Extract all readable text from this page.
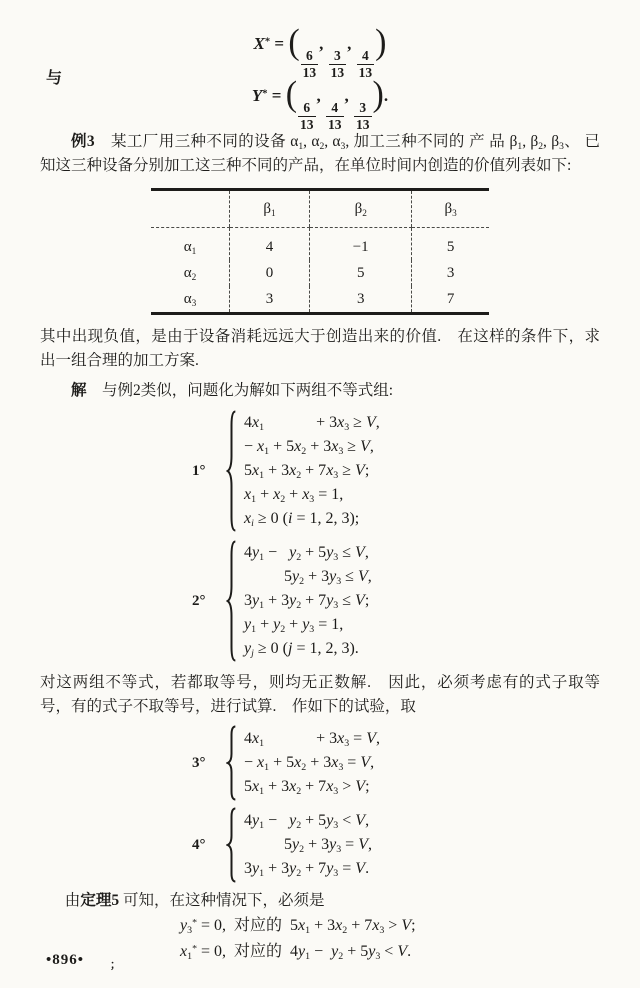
X* = (
$\frac{6}{13}$
,
$\frac{3}{13}$
,
$\frac{4}{13}$
)
与
Y* = (
$\frac{6}{13}$
,
$\frac{4}{13}$
,
$\frac{3}{13}$
).

例3　某工厂用三种不同的设备 $\alpha_1$, $\alpha_2$, $\alpha_3$, 加工三种不同的 产 品 $\beta_1$, $\beta_2$, $\beta_3$、 已知这三种设备分别加工这三种不同的产品，在单位时间内创造的价值列表如下:

	$\beta_1$	$\beta_2$	$\beta_3$
$\alpha_1$	4	−1	5
$\alpha_2$	0	5	3
$\alpha_3$	3	3	7

其中出现负值，是由于设备消耗远远大于创造出来的价值.　在这样的条件下，求出一组合理的加工方案.

解　与例2类似，问题化为解如下两组不等式组:

1°
$4x_1$             + $3x_3 \ge V$,
− $x_1 + 5x_2 + 3x_3 \ge V$,
$5x_1 + 3x_2 + 7x_3 \ge V$;
$x_1 + x_2 + x_3 = 1$,
$x_i \ge 0$ (i = 1, 2, 3);
2°
$4y_1 - y_2 + 5y_3 \le V$,
$5y_2 + 3y_3 \le V$,
$3y_1 + 3y_2 + 7y_3 \le V$;
$y_1 + y_2 + y_3 = 1$,
$y_j \ge 0$ (j = 1, 2, 3).

对这两组不等式，若都取等号，则均无正数解.　因此，必须考虑有的式子取等号，有的式子不取等号，进行试算.　作如下的试验，取

3°
$4x_1$             + $3x_3 = V$,
− $x_1 + 5x_2 + 3x_3 = V$,
$5x_1 + 3x_2 + 7x_3 > V$;
4°
$4y_1 - y_2 + 5y_3 < V$,
$5y_2 + 3y_3 = V$,
$3y_1 + 3y_2 + 7y_3 = V$.

由定理5 可知，在这种情况下，必须是

$y_3^* = 0$,  对应的  $5x_1 + 3x_2 + 7x_3 > V$;
$x_1^* = 0$,  对应的  $4y_1 - y_2 + 5y_3 < V$.
•896• $_;$
